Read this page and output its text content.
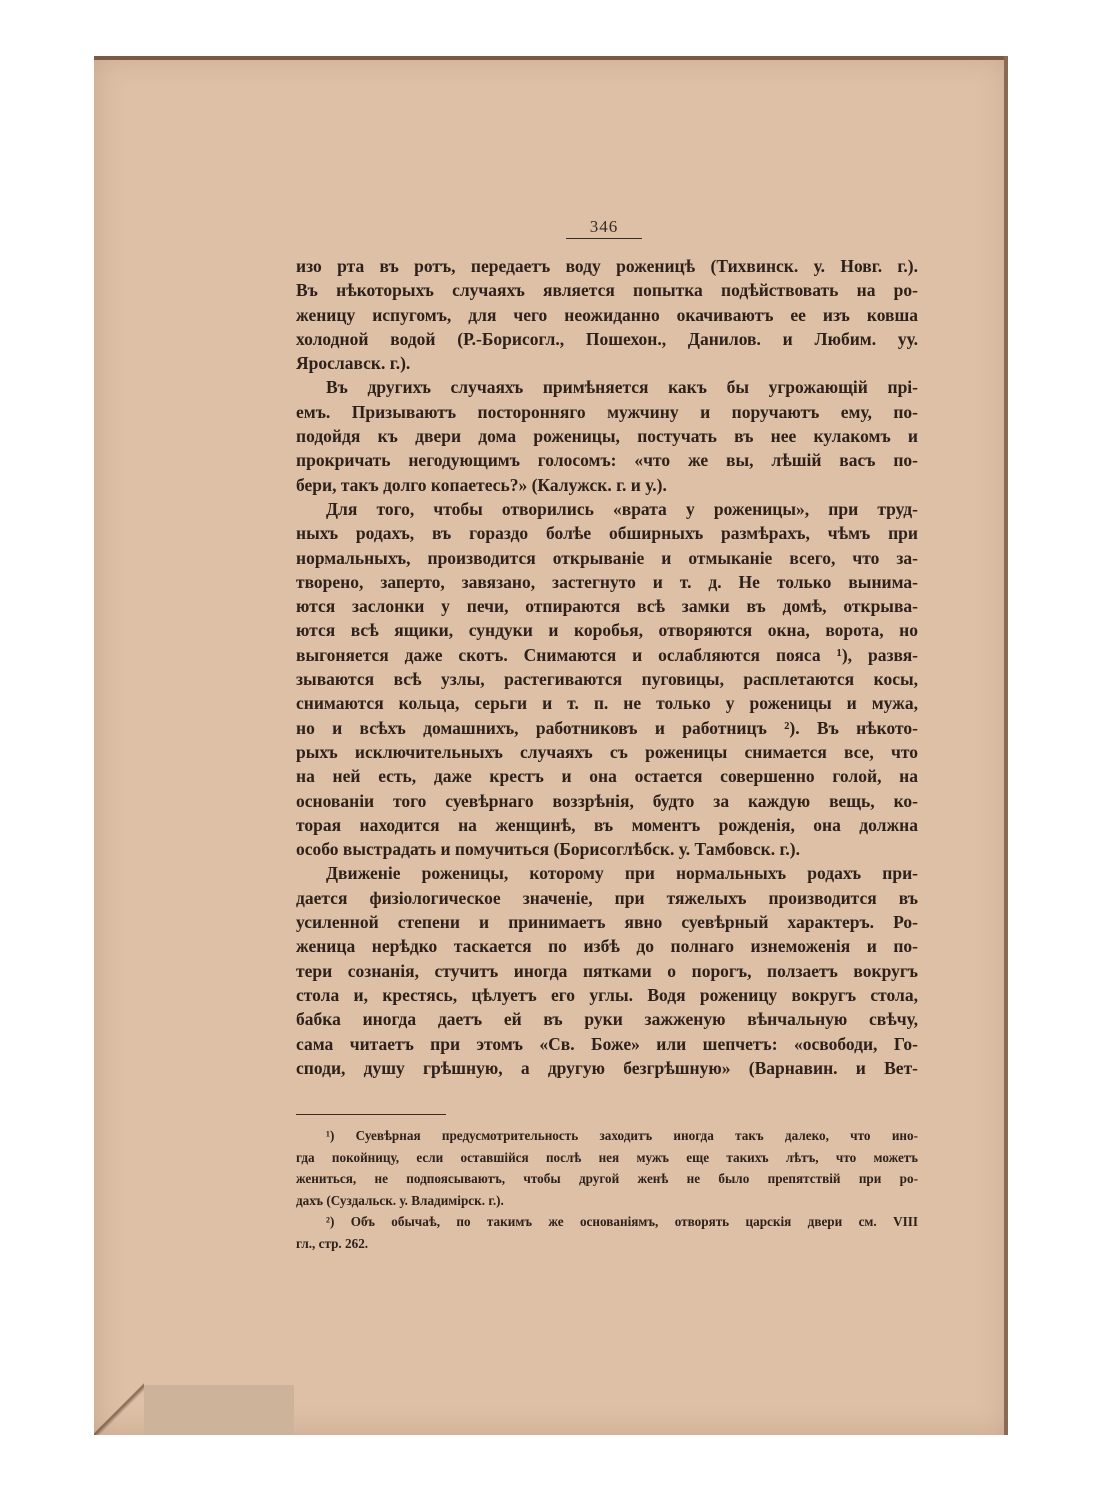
346

изо рта въ ротъ, передаетъ воду роженицѣ (Тихвинск. у. Новг. г.).
Въ нѣкоторыхъ случаяхъ является попытка подѣйствовать на ро-
женицу испугомъ, для чего неожиданно окачиваютъ ее изъ ковша
холодной водой (Р.-Борисогл., Пошехон., Данилов. и Любим. уу.
Ярославск. г.).

Въ другихъ случаяхъ примѣняется какъ бы угрожающій прі-
емъ. Призываютъ посторонняго мужчину и поручаютъ ему, по-
подойдя къ двери дома роженицы, постучать въ нее кулакомъ и
прокричать негодующимъ голосомъ: «что же вы, лѣшій васъ по-
бери, такъ долго копаетесь?» (Калужск. г. и у.).

Для того, чтобы отворились «врата у роженицы», при труд-
ныхъ родахъ, въ гораздо болѣе обширныхъ размѣрахъ, чѣмъ при
нормальныхъ, производится открываніе и отмыканіе всего, что за-
творено, заперто, завязано, застегнуто и т. д. Не только вынима-
ются заслонки у печи, отпираются всѣ замки въ домѣ, открыва-
ются всѣ ящики, сундуки и коробья, отворяются окна, ворота, но
выгоняется даже скотъ. Снимаются и ослабляются пояса ¹), развя-
зываются всѣ узлы, растегиваются пуговицы, расплетаются косы,
снимаются кольца, серьги и т. п. не только у роженицы и мужа,
но и всѣхъ домашнихъ, работниковъ и работницъ ²). Въ нѣкото-
рыхъ исключительныхъ случаяхъ съ роженицы снимается все, что
на ней есть, даже крестъ и она остается совершенно голой, на
основаніи того суевѣрнаго воззрѣнія, будто за каждую вещь, ко-
торая находится на женщинѣ, въ моментъ рожденія, она должна
особо выстрадать и помучиться (Борисоглѣбск. у. Тамбовск. г.).

Движеніе роженицы, которому при нормальныхъ родахъ при-
дается физіологическое значеніе, при тяжелыхъ производится въ
усиленной степени и принимаетъ явно суевѣрный характеръ. Ро-
женица нерѣдко таскается по избѣ до полнаго изнеможенія и по-
тери сознанія, стучитъ иногда пятками о порогъ, ползаетъ вокругъ
стола и, крестясь, цѣлуетъ его углы. Водя роженицу вокругъ стола,
бабка иногда даетъ ей въ руки зажженую вѣнчальную свѣчу,
сама читаетъ при этомъ «Св. Боже» или шепчетъ: «освободи, Го-
споди, душу грѣшную, а другую безгрѣшную» (Варнавин. и Вет-

¹) Суевѣрная предусмотрительность заходитъ иногда такъ далеко, что ино-
гда покойницу, если оставшійся послѣ нея мужъ еще такихъ лѣтъ, что можетъ
жениться, не подпоясываютъ, чтобы другой женѣ не было препятствій при ро-
дахъ (Суздальск. у. Владимірск. г.).
²) Объ обычаѣ, по такимъ же основаніямъ, отворять царскія двери см. VIII
гл., стр. 262.
